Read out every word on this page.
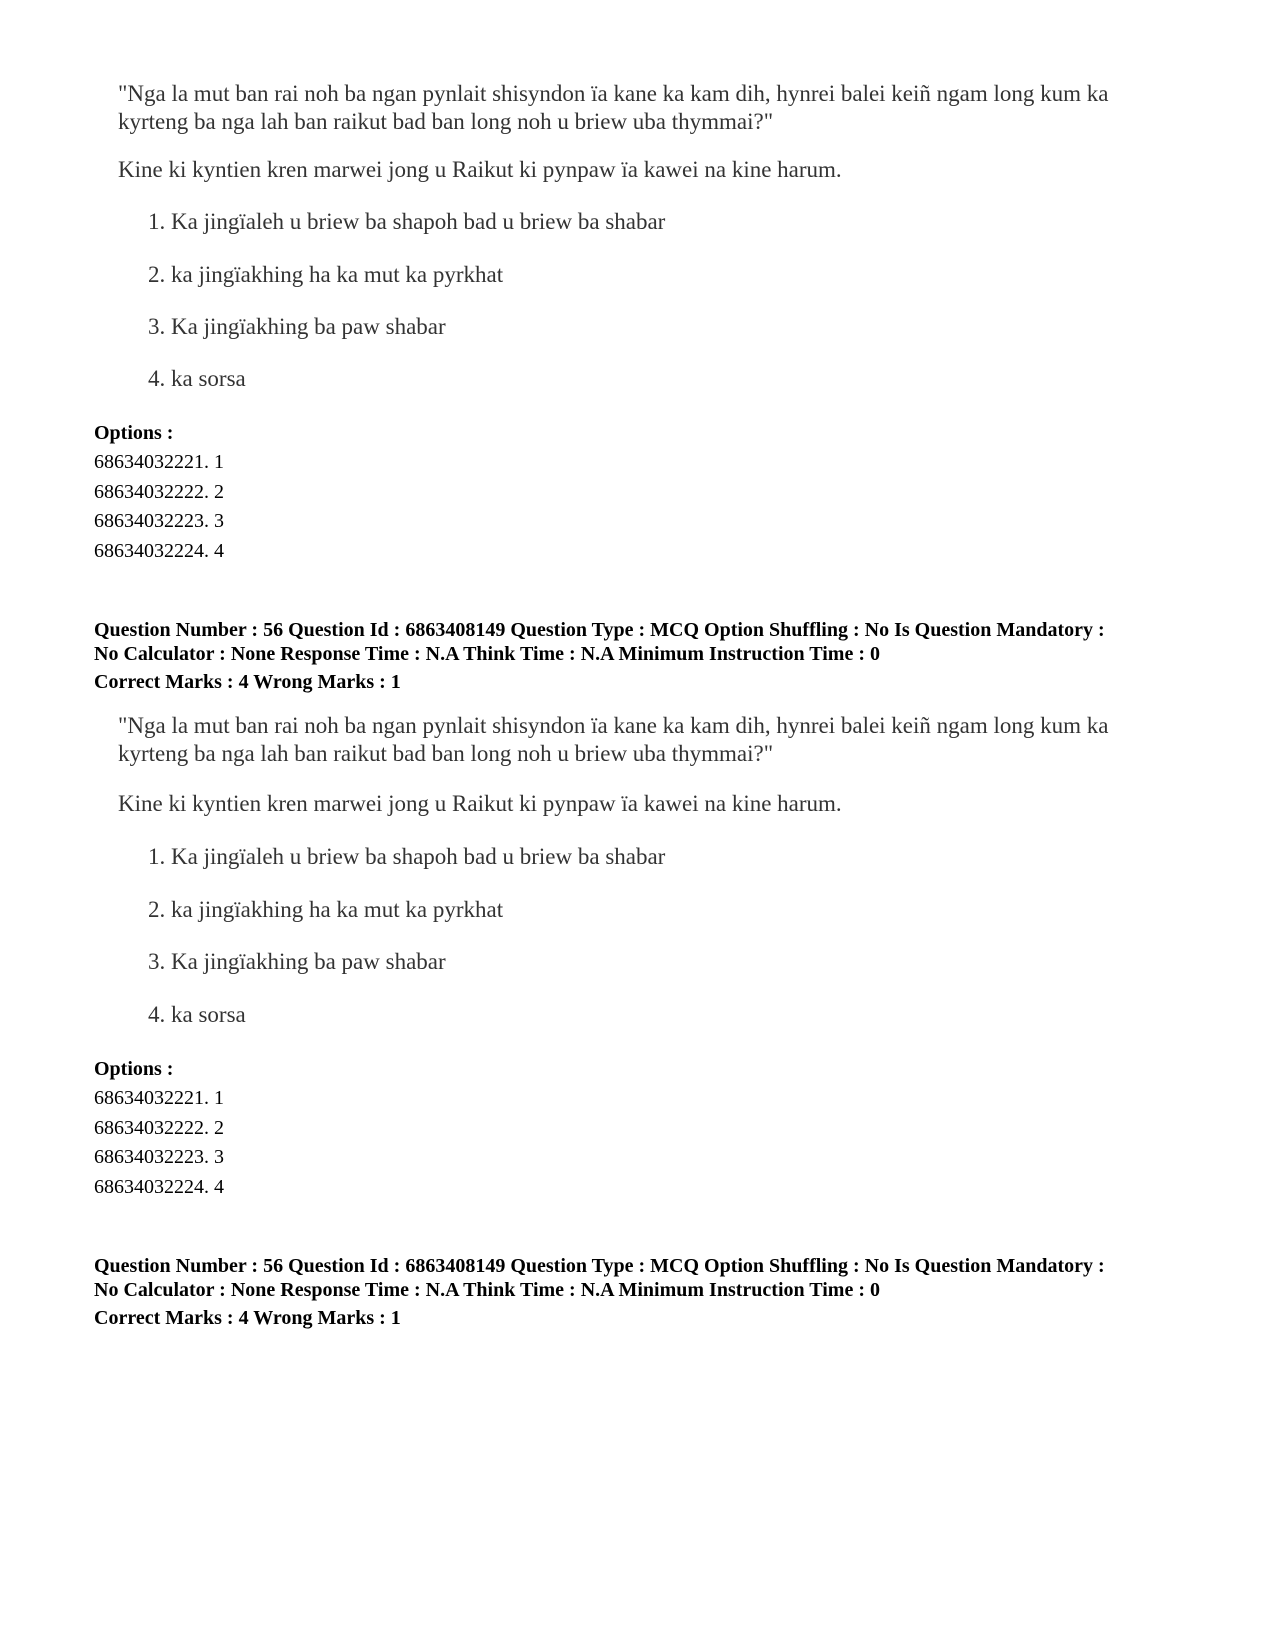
"Nga la mut ban rai noh ba ngan pynlait shisyndon ïa kane ka kam dih, hynrei balei keiñ ngam long kum ka
kyrteng ba nga lah ban raikut bad ban long noh u briew uba thymmai?"

Kine ki kyntien kren marwei jong u Raikut ki pynpaw ïa kawei na kine harum.

1. Ka jingïaleh u briew ba shapoh bad u briew ba shabar

2. ka jingïakhing ha ka mut ka pyrkhat

3. Ka jingïakhing ba paw shabar

4. ka sorsa

Options :

68634032221. 1

68634032222. 2

68634032223. 3

68634032224. 4

Question Number : 56 Question Id : 6863408149 Question Type : MCQ Option Shuffling : No Is Question Mandatory :

No Calculator : None Response Time : N.A Think Time : N.A Minimum Instruction Time : 0

Correct Marks : 4 Wrong Marks : 1

"Nga la mut ban rai noh ba ngan pynlait shisyndon ïa kane ka kam dih, hynrei balei keiñ ngam long kum ka
kyrteng ba nga lah ban raikut bad ban long noh u briew uba thymmai?"

Kine ki kyntien kren marwei jong u Raikut ki pynpaw ïa kawei na kine harum.

1. Ka jingïaleh u briew ba shapoh bad u briew ba shabar

2. ka jingïakhing ha ka mut ka pyrkhat

3. Ka jingïakhing ba paw shabar

4. ka sorsa

Options :

68634032221. 1

68634032222. 2

68634032223. 3

68634032224. 4

Question Number : 56 Question Id : 6863408149 Question Type : MCQ Option Shuffling : No Is Question Mandatory :

No Calculator : None Response Time : N.A Think Time : N.A Minimum Instruction Time : 0

Correct Marks : 4 Wrong Marks : 1
